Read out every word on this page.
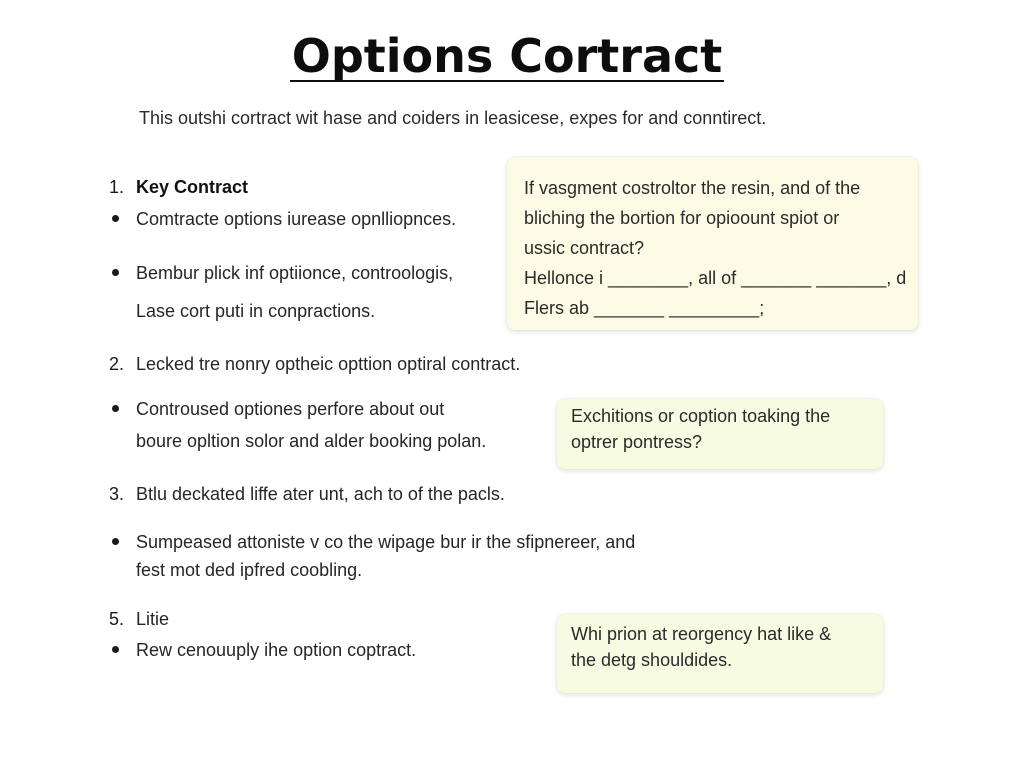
Options Cortract
This outshi cortract wit hase and coiders in leasicese, expes for and conntirect.
1. Key Contract
Comtracte options iurease opnlliopnces.
Bembur plick inf optiionce, controologis,
Lase cort puti in conpractions.
2. Lecked tre nonry optheic opttion optiral contract.
Controused optiones perfore about out
boure opltion solor and alder booking polan.
3. Btlu deckated liffe ater unt, ach to of the pacls.
Sumpeased attoniste v co the wipage bur ir the sfipnereer, and
fest mot ded ipfred coobling.
5. Litie
Rew cenouuply ihe option coptract.
If vasgment costroltor the resin, and of the
bliching the bortion for opioount spiot or
ussic contract?
Hellonce i ________, all of _______ _______, d
Flers ab _______ _________;
Exchitions or coption toaking the
optrer pontress?
Whi prion at reorgency hat like &
the detg shouldides.
